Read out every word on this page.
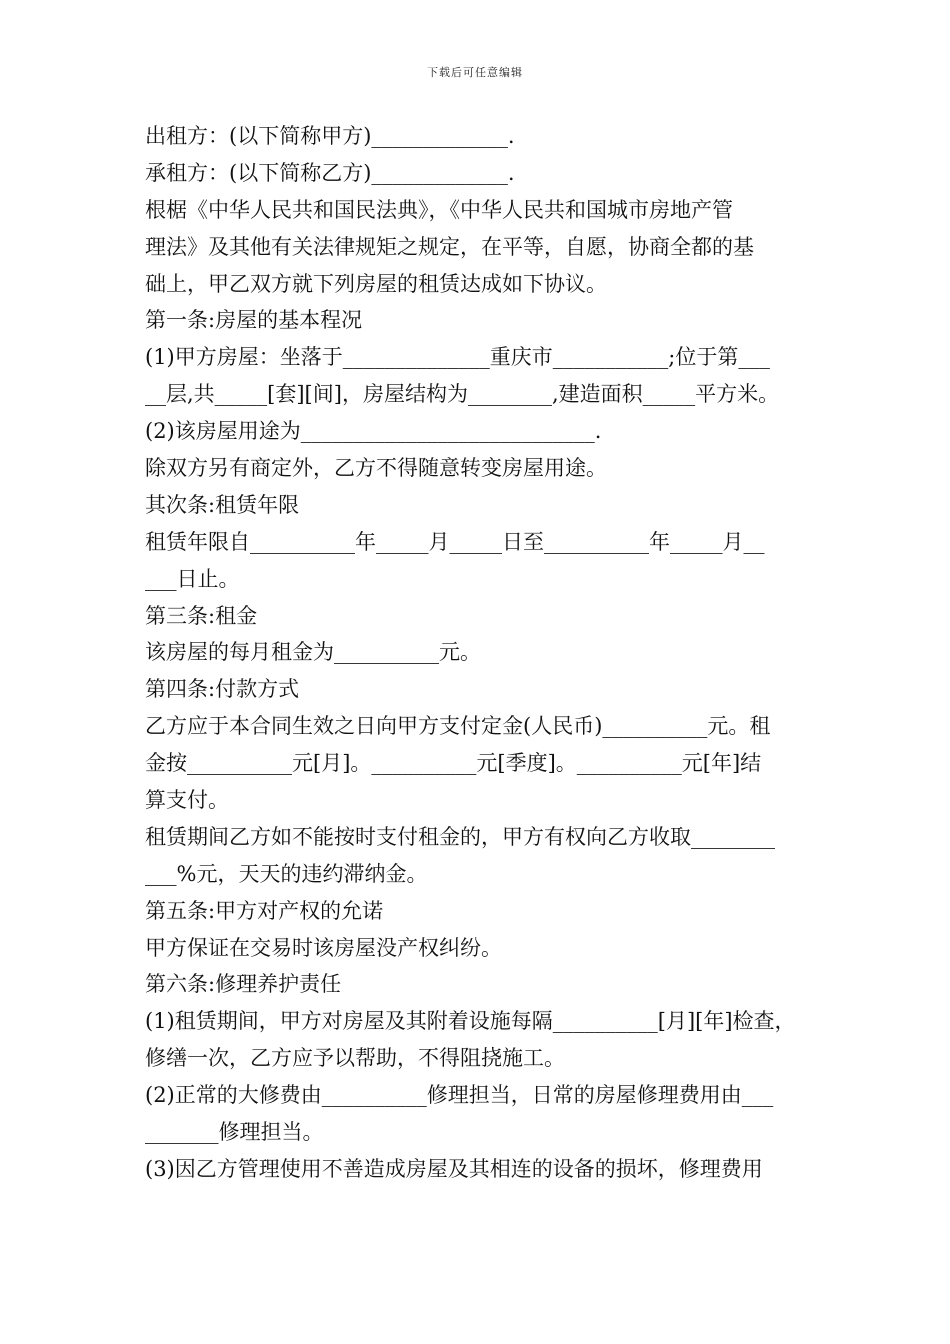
下载后可任意编辑
出租方：(以下简称甲方)_____________.
承租方：(以下简称乙方)_____________.
根椐《中华人民共和国民法典》，《中华人民共和国城市房地产管
理法》及其他有关法律规矩之规定，在平等，自愿，协商全都的基
础上，甲乙双方就下列房屋的租赁达成如下协议。
第一条:房屋的基本程况
(1)甲方房屋：坐落于______________重庆市___________;位于第___
__层,共_____[套][间]，房屋结构为________,建造面积_____平方米。
(2)该房屋用途为____________________________.
除双方另有商定外，乙方不得随意转变房屋用途。
其次条:租赁年限
租赁年限自__________年_____月_____日至__________年_____月__
___日止。
第三条:租金
该房屋的每月租金为__________元。
第四条:付款方式
乙方应于本合同生效之日向甲方支付定金(人民币)__________元。租
金按__________元[月]。__________元[季度]。__________元[年]结
算支付。
租赁期间乙方如不能按时支付租金的，甲方有权向乙方收取________
___%元，天天的违约滞纳金。
第五条:甲方对产权的允诺
甲方保证在交易时该房屋没产权纠纷。
第六条:修理养护责任
(1)租赁期间，甲方对房屋及其附着设施每隔__________[月][年]检查，
修缮一次，乙方应予以帮助，不得阻挠施工。
(2)正常的大修费由__________修理担当，日常的房屋修理费用由___
_______修理担当。
(3)因乙方管理使用不善造成房屋及其相连的设备的损坏，修理费用
